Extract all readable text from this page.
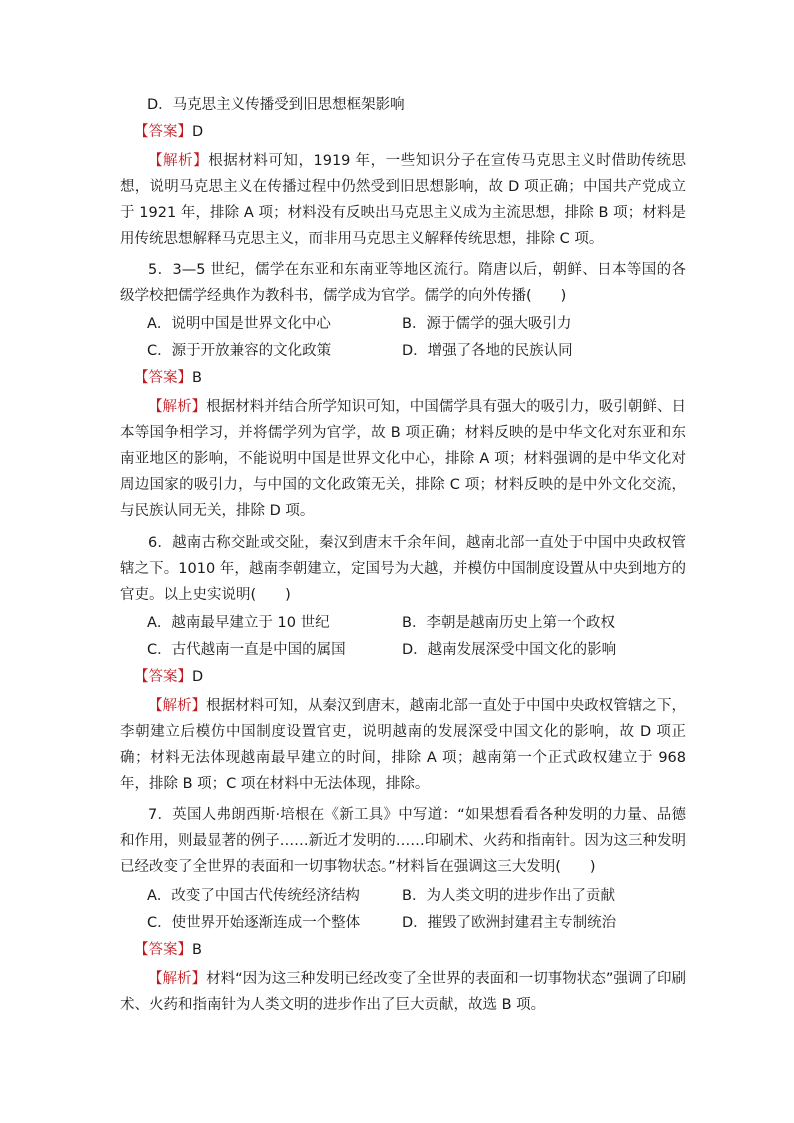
D．马克思主义传播受到旧思想框架影响
【答案】D
【解析】根据材料可知，1919 年，一些知识分子在宣传马克思主义时借助传统思想，说明马克思主义在传播过程中仍然受到旧思想影响，故 D 项正确；中国共产党成立于 1921 年，排除 A 项；材料没有反映出马克思主义成为主流思想，排除 B 项；材料是用传统思想解释马克思主义，而非用马克思主义解释传统思想，排除 C 项。
5．3—5 世纪，儒学在东亚和东南亚等地区流行。隋唐以后，朝鲜、日本等国的各级学校把儒学经典作为教科书，儒学成为官学。儒学的向外传播(　　)
A．说明中国是世界文化中心	B．源于儒学的强大吸引力
C．源于开放兼容的文化政策	D．增强了各地的民族认同
【答案】B
【解析】根据材料并结合所学知识可知，中国儒学具有强大的吸引力，吸引朝鲜、日本等国争相学习，并将儒学列为官学，故 B 项正确；材料反映的是中华文化对东亚和东南亚地区的影响，不能说明中国是世界文化中心，排除 A 项；材料强调的是中华文化对周边国家的吸引力，与中国的文化政策无关，排除 C 项；材料反映的是中外文化交流，与民族认同无关，排除 D 项。
6．越南古称交趾或交阯，秦汉到唐末千余年间，越南北部一直处于中国中央政权管辖之下。1010 年，越南李朝建立，定国号为大越，并模仿中国制度设置从中央到地方的官吏。以上史实说明(　　)
A．越南最早建立于 10 世纪	B．李朝是越南历史上第一个政权
C．古代越南一直是中国的属国	D．越南发展深受中国文化的影响
【答案】D
【解析】根据材料可知，从秦汉到唐末，越南北部一直处于中国中央政权管辖之下，李朝建立后模仿中国制度设置官吏，说明越南的发展深受中国文化的影响，故 D 项正确；材料无法体现越南最早建立的时间，排除 A 项；越南第一个正式政权建立于 968 年，排除 B 项；C 项在材料中无法体现，排除。
7．英国人弗朗西斯·培根在《新工具》中写道：“如果想看看各种发明的力量、品德和作用，则最显著的例子……新近才发明的……印刷术、火药和指南针。因为这三种发明已经改变了全世界的表面和一切事物状态。”材料旨在强调这三大发明(　　)
A．改变了中国古代传统经济结构	B．为人类文明的进步作出了贡献
C．使世界开始逐渐连成一个整体	D．摧毁了欧洲封建君主专制统治
【答案】B
【解析】材料“因为这三种发明已经改变了全世界的表面和一切事物状态”强调了印刷术、火药和指南针为人类文明的进步作出了巨大贡献，故选 B 项。
